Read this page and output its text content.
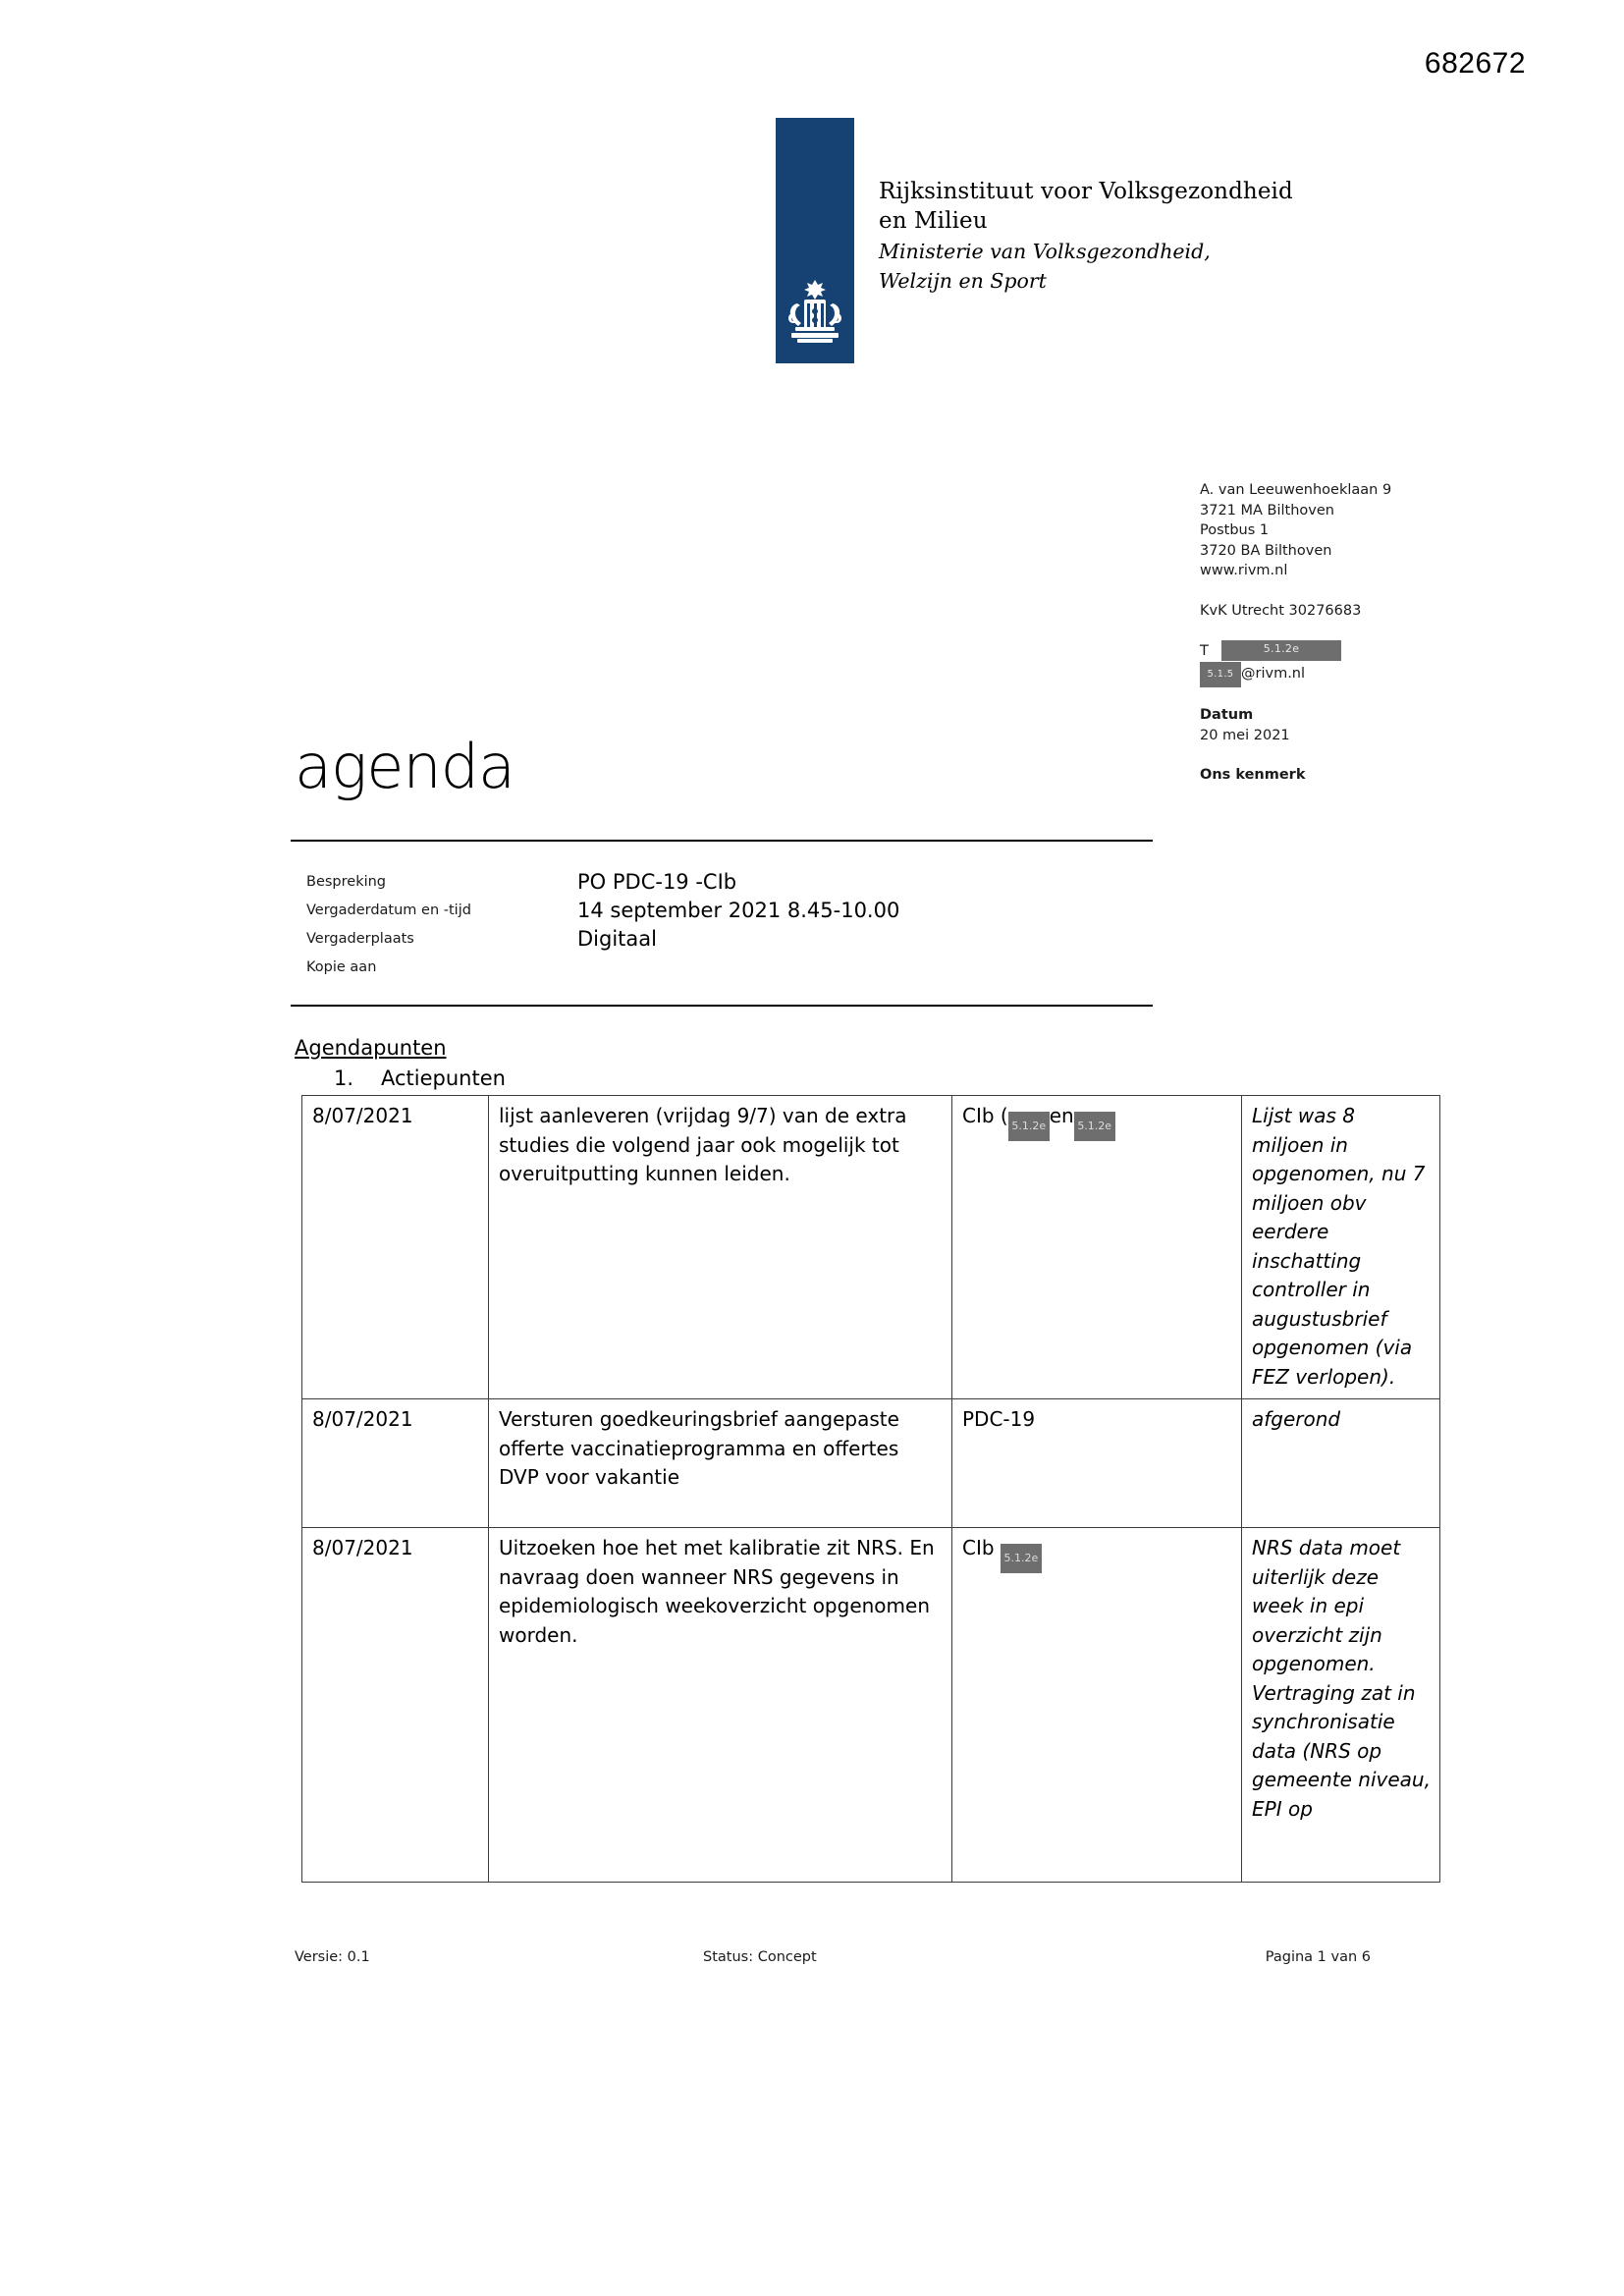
682672
Rijksinstituut voor Volksgezondheid
en Milieu
Ministerie van Volksgezondheid,
Welzijn en Sport
A. van Leeuwenhoeklaan 9
3721 MA Bilthoven
Postbus 1
3720 BA Bilthoven
www.rivm.nl
KvK Utrecht 30276683
T	5.1.2e
5.1.5 @rivm.nl
Datum
20 mei 2021
Ons kenmerk
agenda
Bespreking	PO PDC-19 -CIb
Vergaderdatum en -tijd	14 september 2021 8.45-10.00
Vergaderplaats	Digitaal
Kopie aan
Agendapunten
1. Actiepunten
8/07/2021	lijst aanleveren (vrijdag 9/7) van de extra studies die volgend jaar ook mogelijk tot overuitputting kunnen leiden.	CIb ( 5.1.2e en 5.1.2e	Lijst was 8 miljoen in opgenomen, nu 7 miljoen obv eerdere inschatting controller in augustusbrief opgenomen (via FEZ verlopen).
8/07/2021	Versturen goedkeuringsbrief aangepaste offerte vaccinatieprogramma en offertes DVP voor vakantie	PDC-19	afgerond
8/07/2021	Uitzoeken hoe het met kalibratie zit NRS. En navraag doen wanneer NRS gegevens in epidemiologisch weekoverzicht opgenomen worden.	CIb 5.1.2e	NRS data moet uiterlijk deze week in epi overzicht zijn opgenomen. Vertraging zat in synchronisatie data (NRS op gemeente niveau, EPI op
Versie: 0.1	Status: Concept	Pagina 1 van 6
